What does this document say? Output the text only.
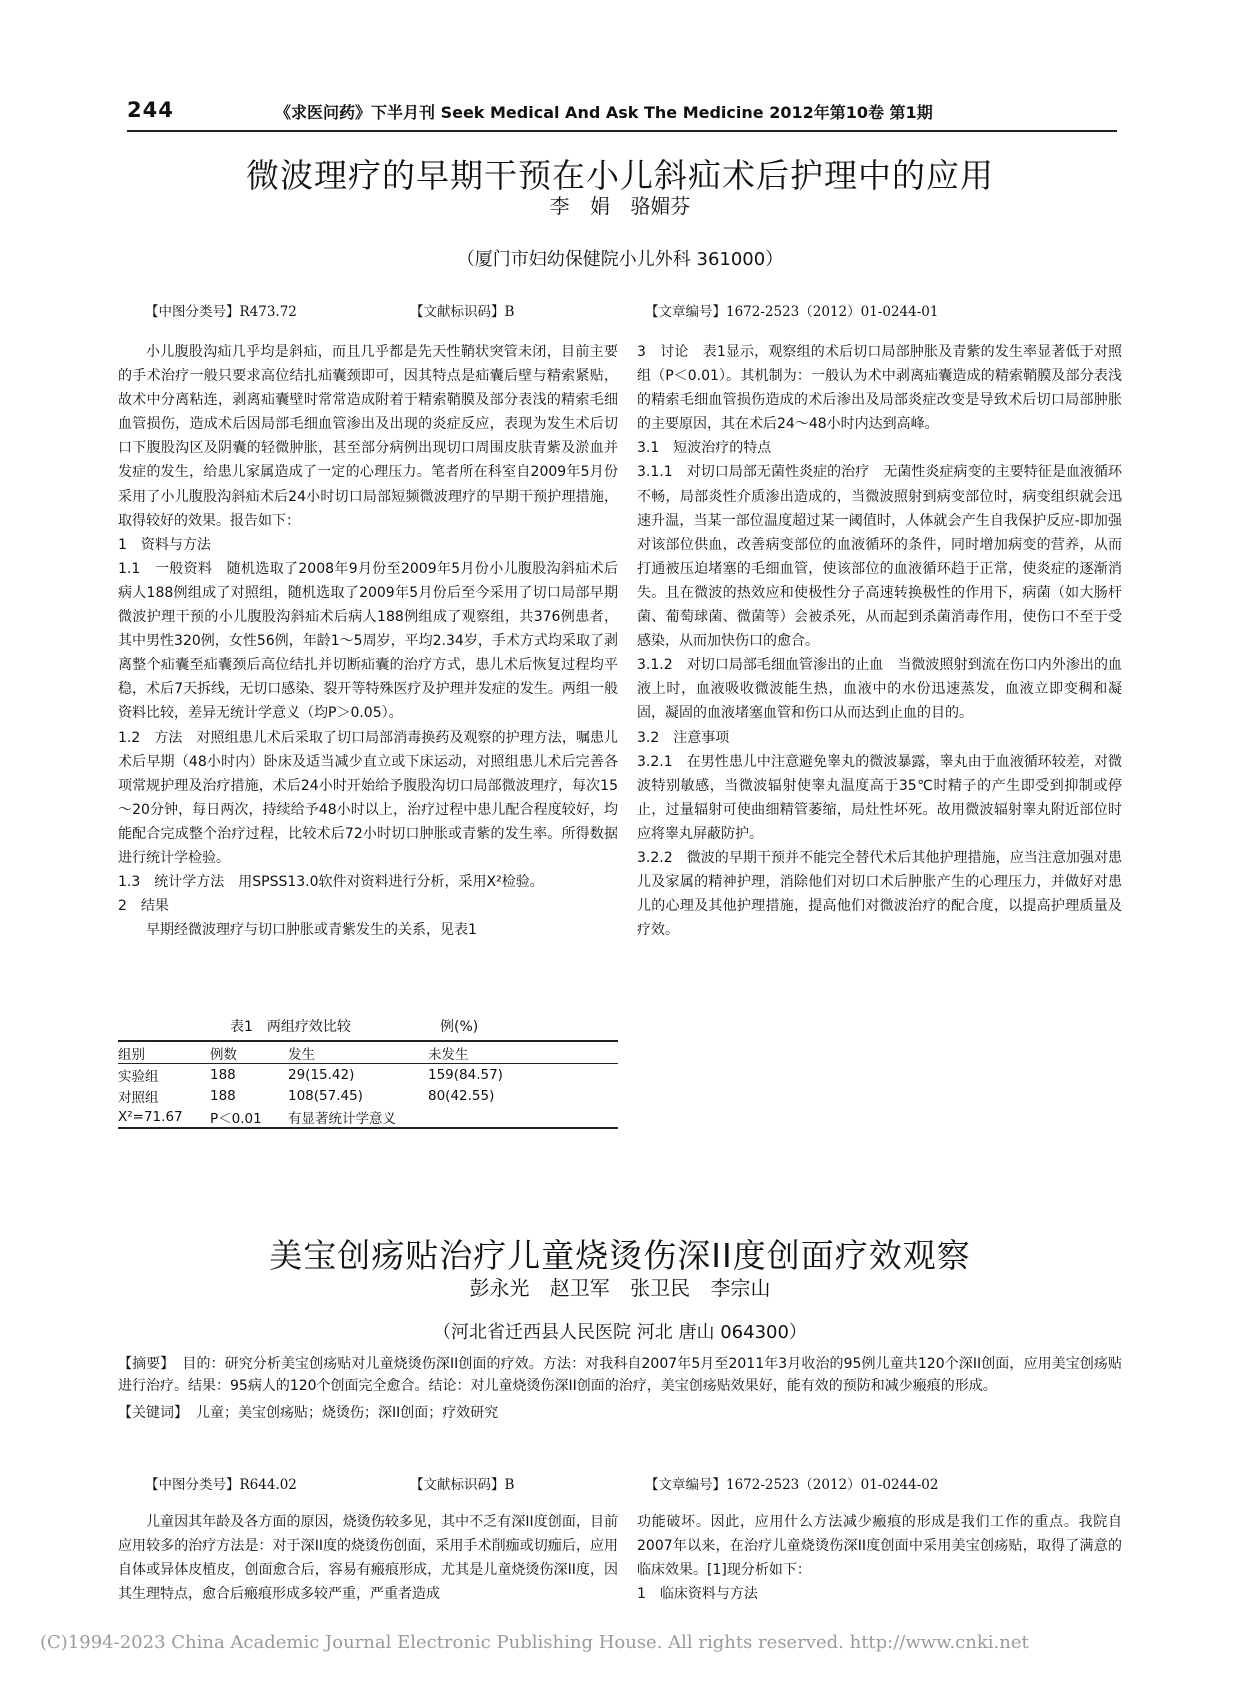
244	《求医问药》下半月刊 Seek Medical And Ask The Medicine 2012年第10卷 第1期
微波理疗的早期干预在小儿斜疝术后护理中的应用
李 娟 骆媚芬
（厦门市妇幼保健院小儿外科 361000）
【中图分类号】R473.72	【文献标识码】B	【文章编号】1672-2523（2012）01-0244-01

小儿腹股沟疝几乎均是斜疝，而且几乎都是先天性鞘状突管未闭，目前主要的手术治疗一般只要求高位结扎疝囊颈即可，因其特点是疝囊后壁与精索紧贴，故术中分离粘连，剥离疝囊壁时常常造成附着于精索鞘膜及部分表浅的精索毛细血管损伤，造成术后因局部毛细血管渗出及出现的炎症反应，表现为发生术后切口下腹股沟区及阴囊的轻微肿胀，甚至部分病例出现切口周围皮肤青紫及淤血并发症的发生，给患儿家属造成了一定的心理压力。笔者所在科室自2009年5月份采用了小儿腹股沟斜疝术后24小时切口局部短频微波理疗的早期干预护理措施，取得较好的效果。报告如下：

1　资料与方法

1.1　一般资料　随机选取了2008年9月份至2009年5月份小儿腹股沟斜疝术后病人188例组成了对照组，随机选取了2009年5月份后至今采用了切口局部早期微波护理干预的小儿腹股沟斜疝术后病人188例组成了观察组，共376例患者，其中男性320例，女性56例，年龄1～5周岁，平均2.34岁，手术方式均采取了剥离整个疝囊至疝囊颈后高位结扎并切断疝囊的治疗方式，患儿术后恢复过程均平稳，术后7天拆线，无切口感染、裂开等特殊医疗及护理并发症的发生。两组一般资料比较，差异无统计学意义（均P＞0.05）。

1.2　方法　对照组患儿术后采取了切口局部消毒换药及观察的护理方法，嘱患儿术后早期（48小时内）卧床及适当减少直立或下床运动，对照组患儿术后完善各项常规护理及治疗措施，术后24小时开始给予腹股沟切口局部微波理疗，每次15～20分钟，每日两次，持续给予48小时以上，治疗过程中患儿配合程度较好，均能配合完成整个治疗过程，比较术后72小时切口肿胀或青紫的发生率。所得数据进行统计学检验。

1.3　统计学方法　用SPSS13.0软件对资料进行分析，采用X²检验。

2　结果

早期经微波理疗与切口肿胀或青紫发生的关系，见表1

表1　两组疗效比较	例(%)
组别	例数	发生	未发生
实验组	188	29(15.42)	159(84.57)
对照组	188	108(57.45)	80(42.55)
X²=71.67	P＜0.01	有显著统计学意义	

3　讨论　表1显示，观察组的术后切口局部肿胀及青紫的发生率显著低于对照组（P＜0.01）。其机制为：一般认为术中剥离疝囊造成的精索鞘膜及部分表浅的精索毛细血管损伤造成的术后渗出及局部炎症改变是导致术后切口局部肿胀的主要原因，其在术后24～48小时内达到高峰。

3.1　短波治疗的特点

3.1.1　对切口局部无菌性炎症的治疗　无菌性炎症病变的主要特征是血液循环不畅，局部炎性介质渗出造成的，当微波照射到病变部位时，病变组织就会迅速升温，当某一部位温度超过某一阈值时，人体就会产生自我保护反应-即加强对该部位供血，改善病变部位的血液循环的条件，同时增加病变的营养，从而打通被压迫堵塞的毛细血管，使该部位的血液循环趋于正常，使炎症的逐渐消失。且在微波的热效应和使极性分子高速转换极性的作用下，病菌（如大肠杆菌、葡萄球菌、微菌等）会被杀死，从而起到杀菌消毒作用，使伤口不至于受感染，从而加快伤口的愈合。

3.1.2　对切口局部毛细血管渗出的止血　当微波照射到流在伤口内外渗出的血液上时，血液吸收微波能生热，血液中的水份迅速蒸发，血液立即变稠和凝固，凝固的血液堵塞血管和伤口从而达到止血的目的。

3.2　注意事项

3.2.1　在男性患儿中注意避免睾丸的微波暴露，睾丸由于血液循环较差，对微波特别敏感，当微波辐射使睾丸温度高于35℃时精子的产生即受到抑制或停止，过量辐射可使曲细精管萎缩，局灶性坏死。故用微波辐射睾丸附近部位时应将睾丸屏蔽防护。

3.2.2　微波的早期干预并不能完全替代术后其他护理措施，应当注意加强对患儿及家属的精神护理，消除他们对切口术后肿胀产生的心理压力，并做好对患儿的心理及其他护理措施，提高他们对微波治疗的配合度，以提高护理质量及疗效。

美宝创疡贴治疗儿童烧烫伤深II度创面疗效观察
彭永光 赵卫军 张卫民 李宗山
（河北省迁西县人民医院 河北 唐山 064300）

【摘要】 目的：研究分析美宝创疡贴对儿童烧烫伤深II创面的疗效。方法：对我科自2007年5月至2011年3月收治的95例儿童共120个深II创面，应用美宝创疡贴进行治疗。结果：95病人的120个创面完全愈合。结论：对儿童烧烫伤深II创面的治疗，美宝创疡贴效果好，能有效的预防和减少瘢痕的形成。

【关键词】 儿童；美宝创疡贴；烧烫伤；深II创面；疗效研究

【中图分类号】R644.02	【文献标识码】B	【文章编号】1672-2523（2012）01-0244-02

儿童因其年龄及各方面的原因，烧烫伤较多见，其中不乏有深II度创面，目前应用较多的治疗方法是：对于深II度的烧烫伤创面，采用手术削痂或切痂后，应用自体或异体皮植皮，创面愈合后，容易有瘢痕形成，尤其是儿童烧烫伤深II度，因其生理特点，愈合后瘢痕形成多较严重，严重者造成

功能破坏。因此，应用什么方法减少瘢痕的形成是我们工作的重点。我院自2007年以来，在治疗儿童烧烫伤深II度创面中采用美宝创疡贴，取得了满意的临床效果。[1]现分析如下：

1　临床资料与方法

(C)1994-2023 China Academic Journal Electronic Publishing House. All rights reserved. http://www.cnki.net
